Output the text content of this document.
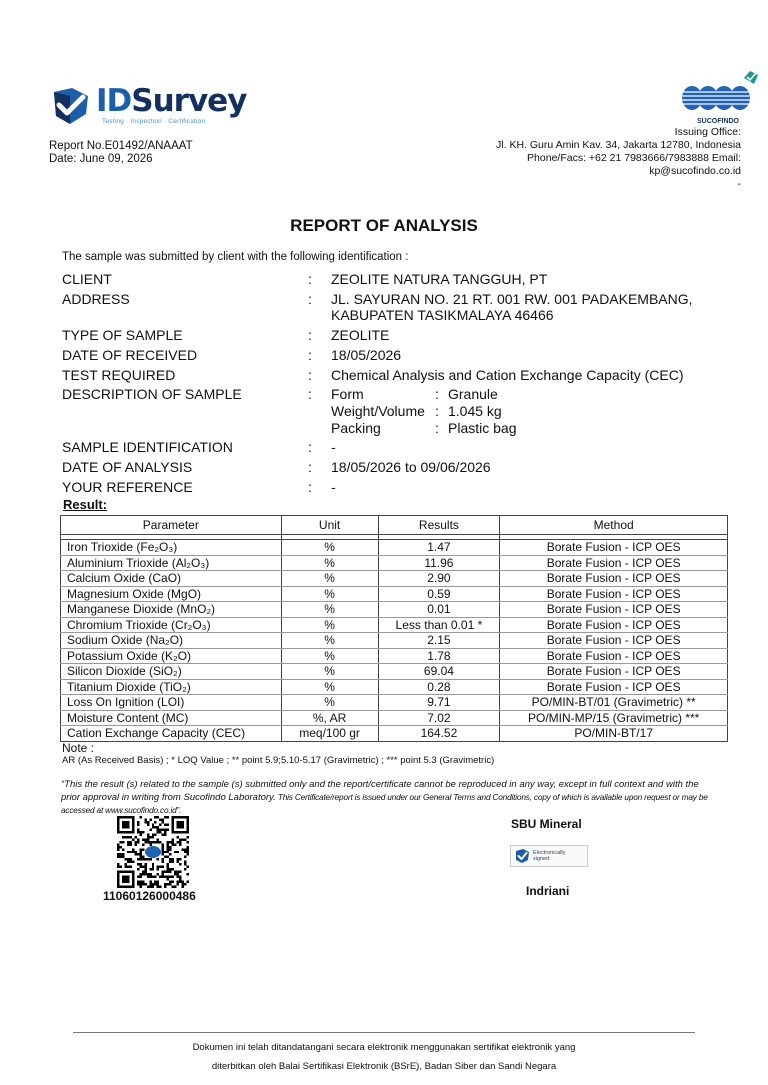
IDSurvey
Testing · Inspection · Certification
Report No.E01492/ANAAAT
Date: June 09, 2026
SUCOFINDO
Issuing Office:
Jl. KH. Guru Amin Kav. 34, Jakarta 12780, Indonesia
Phone/Facs: +62 21 7983666/7983888 Email:
kp@sucofindo.co.id
-
REPORT OF ANALYSIS
The sample was submitted by client with the following identification :
CLIENT	: ZEOLITE NATURA TANGGUH, PT
ADDRESS	: JL. SAYURAN NO. 21 RT. 001 RW. 001 PADAKEMBANG,
KABUPATEN TASIKMALAYA 46466
TYPE OF SAMPLE	: ZEOLITE
DATE OF RECEIVED	: 18/05/2026
TEST REQUIRED	: Chemical Analysis and Cation Exchange Capacity (CEC)
DESCRIPTION OF SAMPLE	: Form	: Granule
Weight/Volume : 1.045 kg
Packing	: Plastic bag
SAMPLE IDENTIFICATION	: -
DATE OF ANALYSIS	: 18/05/2026 to 09/06/2026
YOUR REFERENCE	: -
Result:
Parameter	Unit	Results	Method

Iron Trioxide (Fe₂O₃)	%	1.47	Borate Fusion - ICP OES
Aluminium Trioxide (Al₂O₃)	%	11.96	Borate Fusion - ICP OES
Calcium Oxide (CaO)	%	2.90	Borate Fusion - ICP OES
Magnesium Oxide (MgO)	%	0.59	Borate Fusion - ICP OES
Manganese Dioxide (MnO₂)	%	0.01	Borate Fusion - ICP OES
Chromium Trioxide (Cr₂O₃)	%	Less than 0.01 *	Borate Fusion - ICP OES
Sodium Oxide (Na₂O)	%	2.15	Borate Fusion - ICP OES
Potassium Oxide (K₂O)	%	1.78	Borate Fusion - ICP OES
Silicon Dioxide (SiO₂)	%	69.04	Borate Fusion - ICP OES
Titanium Dioxide (TiO₂)	%	0.28	Borate Fusion - ICP OES
Loss On Ignition (LOI)	%	9.71	PO/MIN-BT/01 (Gravimetric) **
Moisture Content (MC)	%, AR	7.02	PO/MIN-MP/15 (Gravimetric) ***
Cation Exchange Capacity (CEC)	meq/100 gr	164.52	PO/MIN-BT/17
Note :
AR (As Received Basis) ; * LOQ Value ; ** point 5.9;5.10-5.17 (Gravimetric) ; *** point 5.3 (Gravimetric)
“This the result (s) related to the sample (s) submitted only and the report/certificate cannot be reproduced in any way, except in full context and with the prior approval in writing from Sucofindo Laboratory. This Certificate/report is issued under our General Terms and Conditions, copy of which is available upon request or may be accessed at www.sucofindo.co.id”.
11060126000486
SBU Mineral
Electronically
signed
Indriani
Dokumen ini telah ditandatangani secara elektronik menggunakan sertifikat elektronik yang
diterbitkan oleh Balai Sertifikasi Elektronik (BSrE), Badan Siber dan Sandi Negara
